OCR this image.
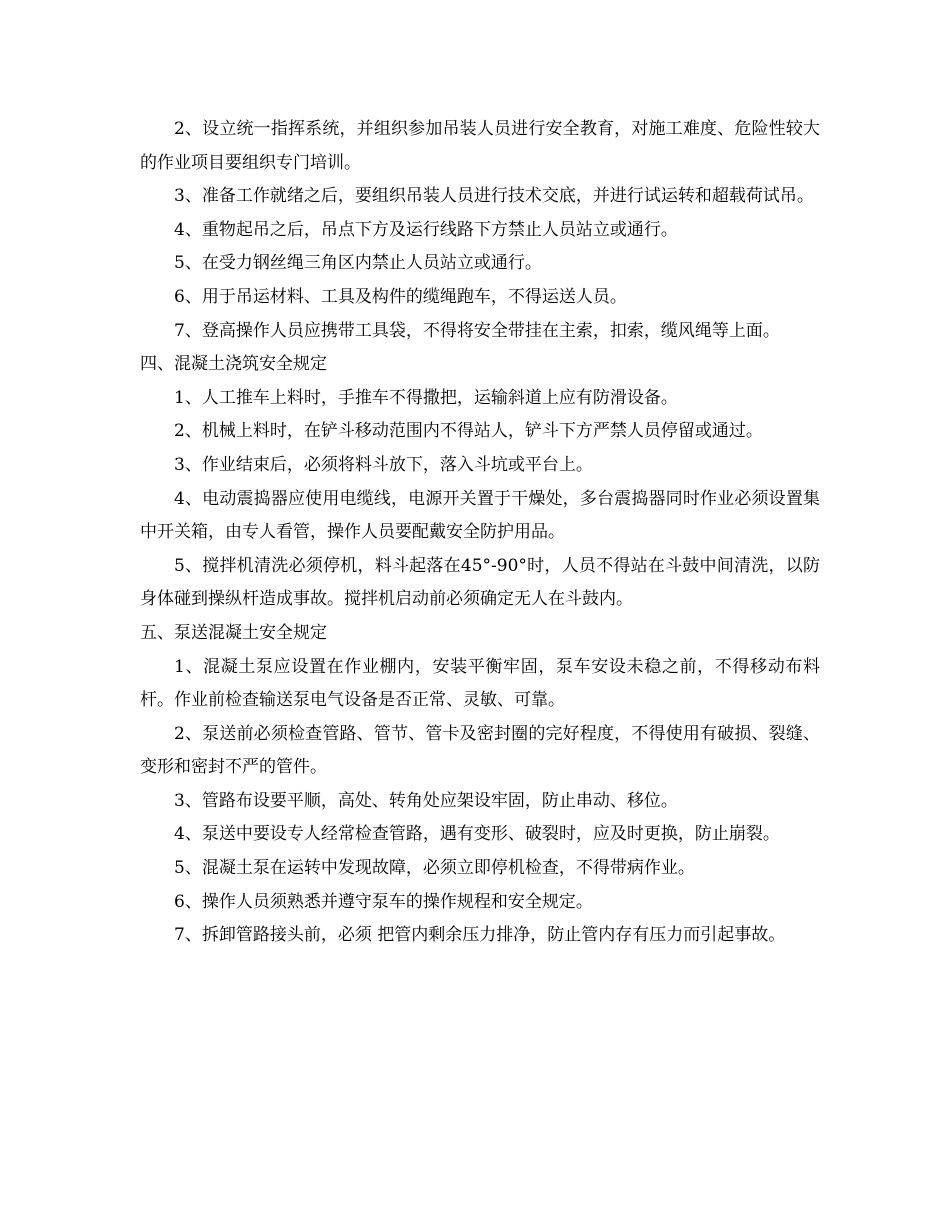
2、设立统一指挥系统，并组织参加吊装人员进行安全教育，对施工难度、危险性较大的作业项目要组织专门培训。

3、准备工作就绪之后，要组织吊装人员进行技术交底，并进行试运转和超载荷试吊。

4、重物起吊之后，吊点下方及运行线路下方禁止人员站立或通行。

5、在受力钢丝绳三角区内禁止人员站立或通行。

6、用于吊运材料、工具及构件的缆绳跑车，不得运送人员。

7、登高操作人员应携带工具袋，不得将安全带挂在主索，扣索，缆风绳等上面。

四、混凝土浇筑安全规定

1、人工推车上料时，手推车不得撒把，运输斜道上应有防滑设备。

2、机械上料时，在铲斗移动范围内不得站人，铲斗下方严禁人员停留或通过。

3、作业结束后，必须将料斗放下，落入斗坑或平台上。

4、电动震捣器应使用电缆线，电源开关置于干燥处，多台震捣器同时作业必须设置集中开关箱，由专人看管，操作人员要配戴安全防护用品。

5、搅拌机清洗必须停机，料斗起落在45°-90°时，人员不得站在斗鼓中间清洗，以防身体碰到操纵杆造成事故。搅拌机启动前必须确定无人在斗鼓内。

五、泵送混凝土安全规定

1、混凝土泵应设置在作业棚内，安装平衡牢固，泵车安设未稳之前，不得移动布料杆。作业前检查输送泵电气设备是否正常、灵敏、可靠。

2、泵送前必须检查管路、管节、管卡及密封圈的完好程度，不得使用有破损、裂缝、变形和密封不严的管件。

3、管路布设要平顺，高处、转角处应架设牢固，防止串动、移位。

4、泵送中要设专人经常检查管路，遇有变形、破裂时，应及时更换，防止崩裂。

5、混凝土泵在运转中发现故障，必须立即停机检查，不得带病作业。

6、操作人员须熟悉并遵守泵车的操作规程和安全规定。

7、拆卸管路接头前，必须 把管内剩余压力排净，防止管内存有压力而引起事故。
